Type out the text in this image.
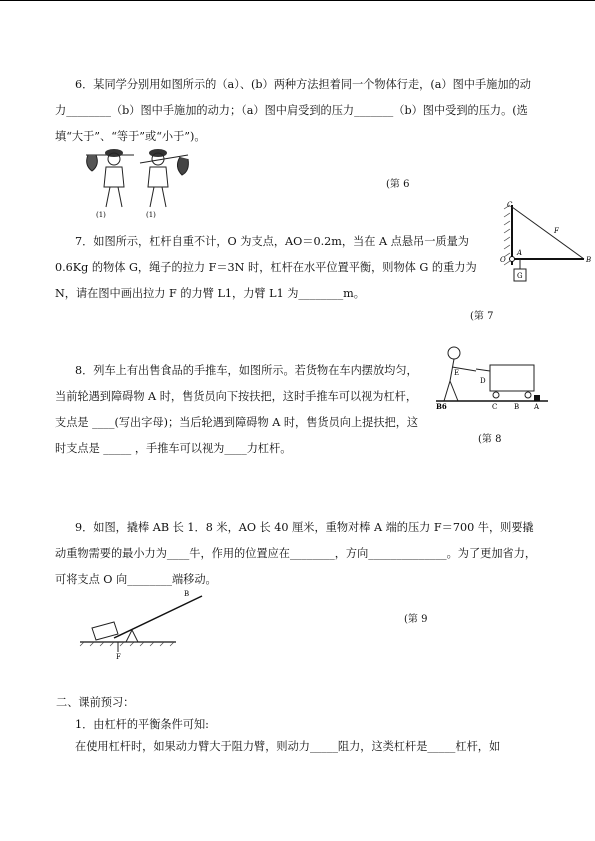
6．某同学分别用如图所示的（a）、(b）两种方法担着同一个物体行走，(a）图中手施加的动力________（b）图中手施加的动力；（a）图中肩受到的压力_______（b）图中受到的压力。(选填“大于”、“等于”或“小于”)。

(1)	(1)
(第 6

7．如图所示，杠杆自重不计，O 为支点，AO＝0.2m，当在 A 点悬吊一质量为 0.6Kg 的物体 G，绳子的拉力 F＝3N 时，杠杆在水平位置平衡，则物体 G 的重力为　N，请在图中画出拉力 F 的力臂 L1，力臂 L1 为________m。

C
F
A
O	B
G
(第 7

8．列车上有出售食品的手推车，如图所示。若货物在车内摆放均匀，当前轮遇到障碍物 A 时，售货员向下按扶把，这时手推车可以视为杠杆，支点是 ____(写出字母)；当后轮遇到障碍物 A 时，售货员向上提扶把，这时支点是 _____ ，手推车可以视为____力杠杆。

E
D
C B A
B6
(第 8

9．如图，撬棒 AB 长 1．8 米，AO 长 40 厘米，重物对棒 A 端的压力 F＝700 牛，则要撬动重物需要的最小力为____牛，作用的位置应在________，方向______________。为了更加省力，可将支点 O 向________端移动。

B
F
(第 9

二、课前预习：

1．由杠杆的平衡条件可知:

在使用杠杆时，如果动力臂大于阻力臂，则动力_____阻力，这类杠杆是_____杠杆，如
